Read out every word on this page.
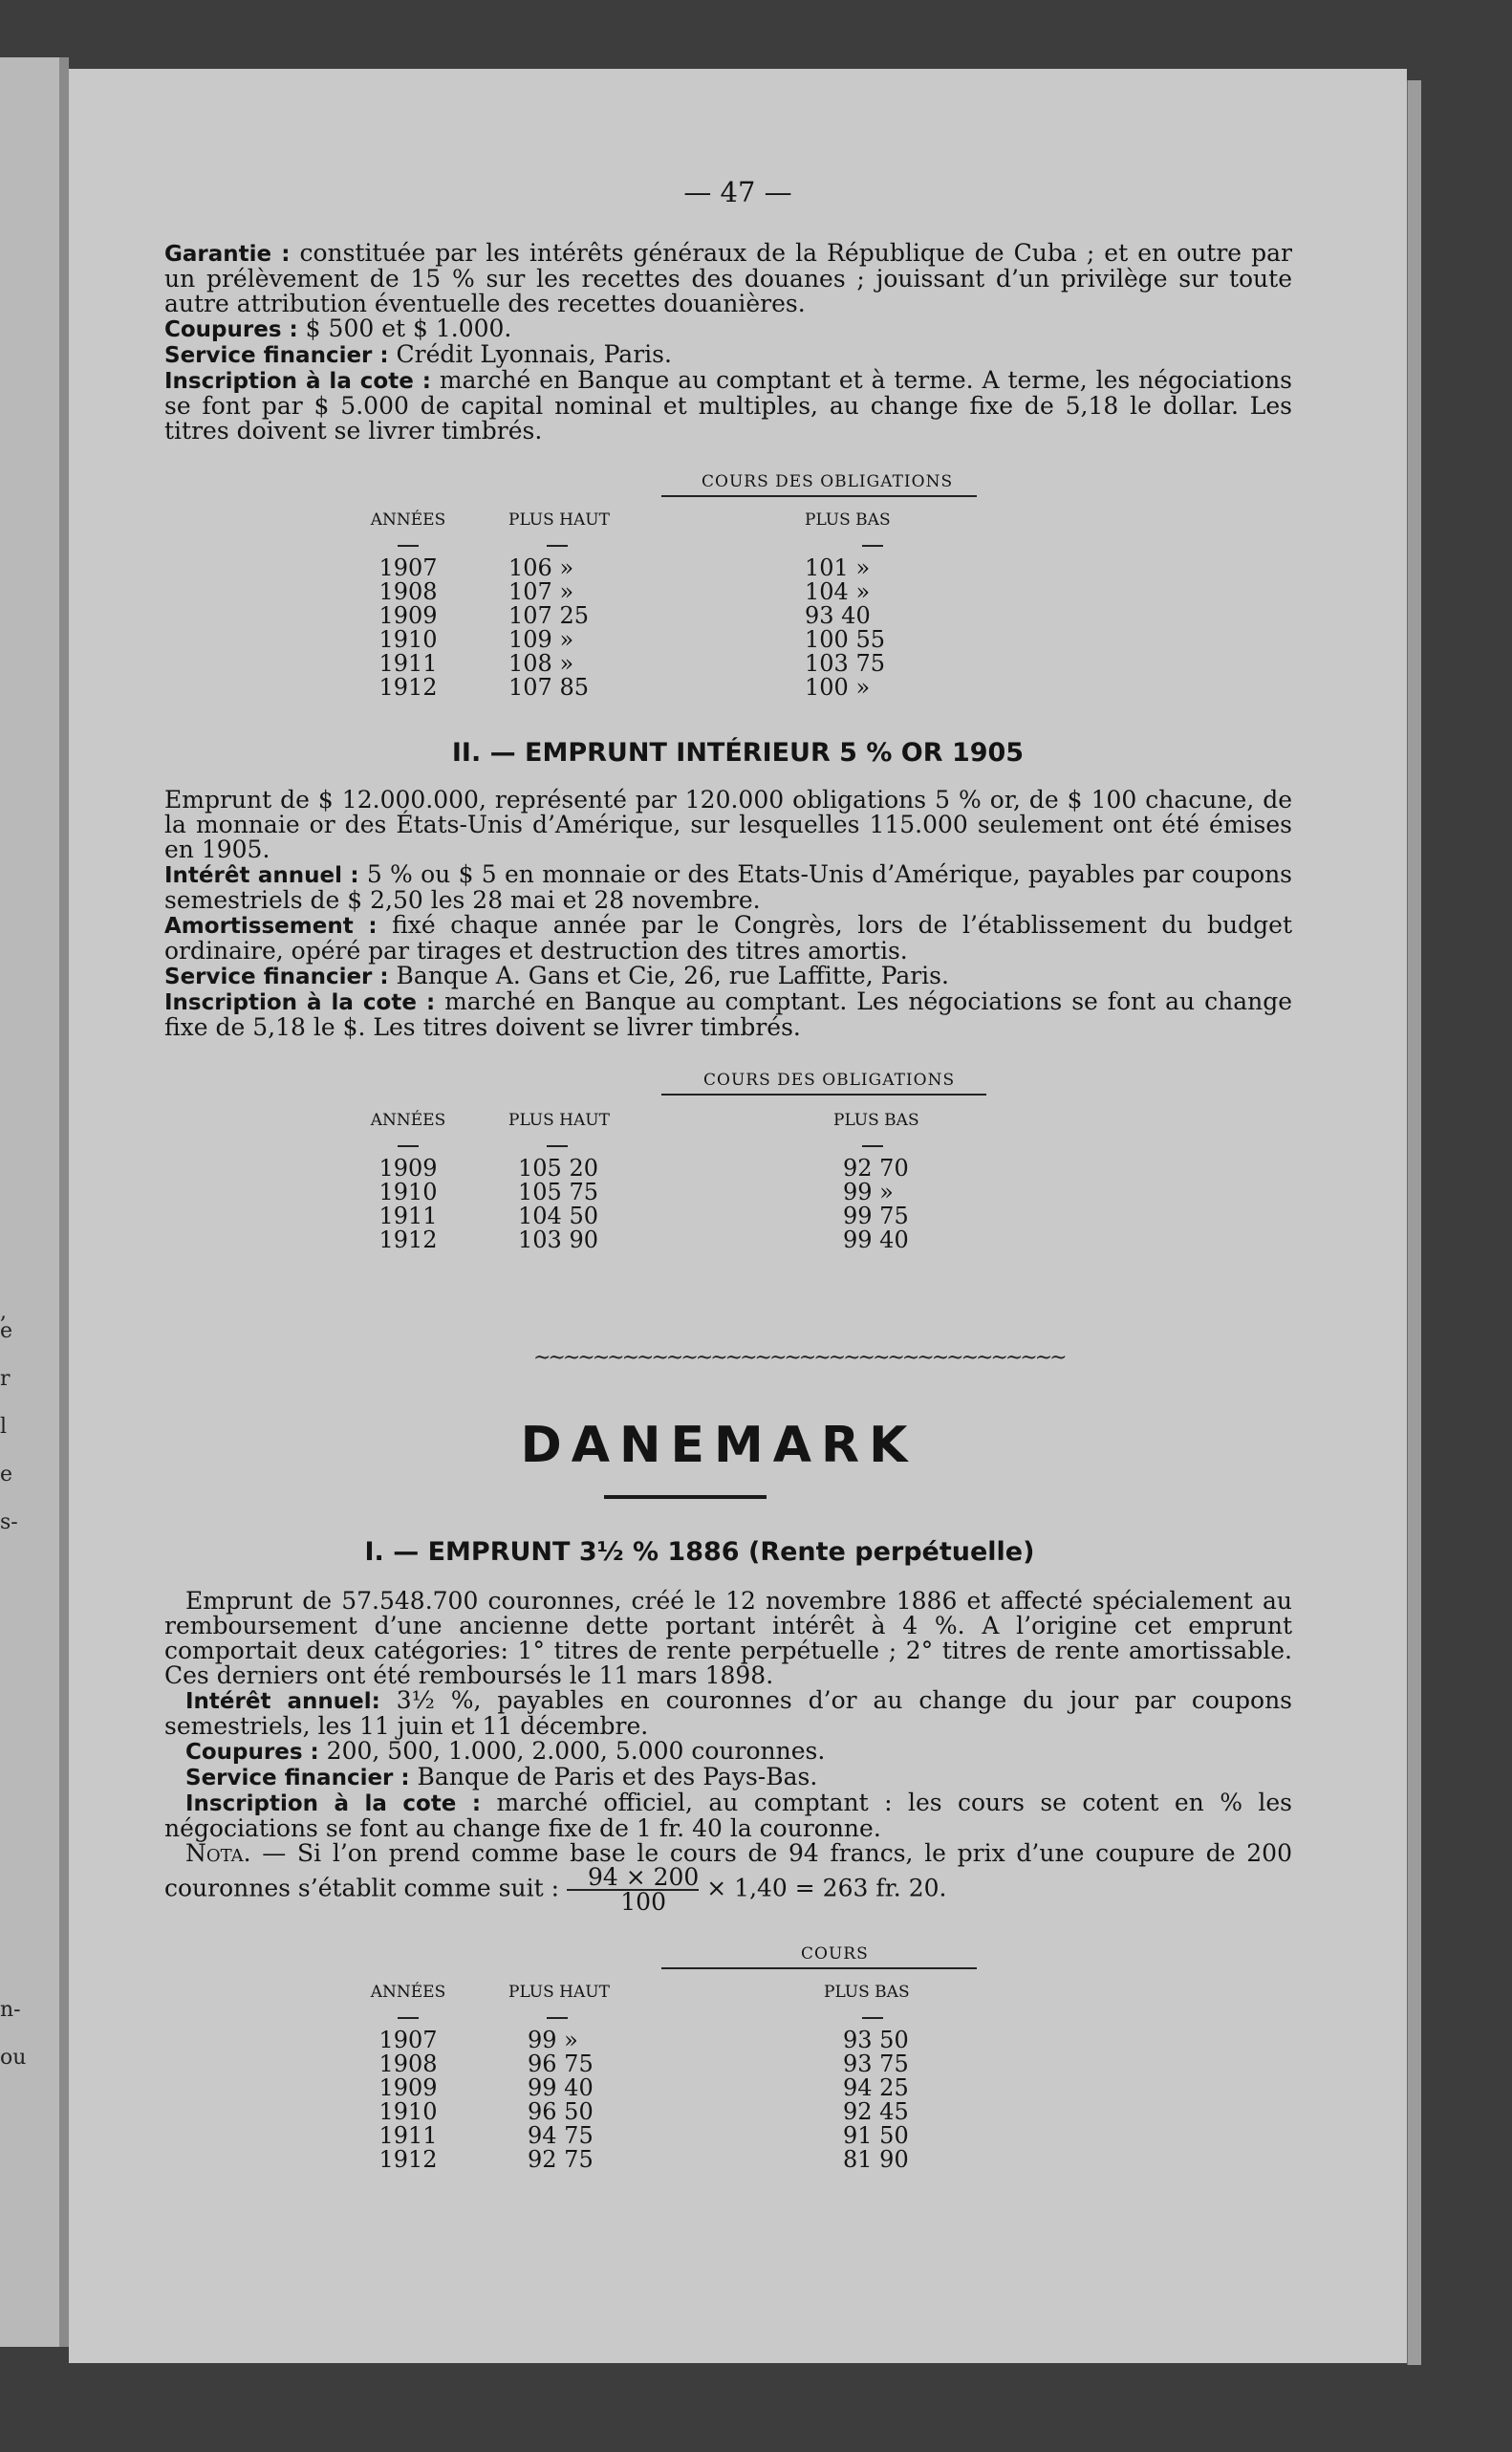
,
e
r
l
e
s-
n-
ou
— 47 —

Garantie : constituée par les intérêts généraux de la République de Cuba ; et en outre par un prélèvement de 15 % sur les recettes des douanes ; jouissant d’un privilège sur toute autre attribution éventuelle des recettes douanières.

Coupures : $ 500 et $ 1.000.

Service financier : Crédit Lyonnais, Paris.

Inscription à la cote : marché en Banque au comptant et à terme. A terme, les négociations se font par $ 5.000 de capital nominal et multiples, au change fixe de 5,18 le dollar. Les titres doivent se livrer timbrés.

COURS DES OBLIGATIONS
ANNÉES	PLUS HAUT	PLUS BAS

1907	106 »	101 »
1908	107 »	104 »
1909	107 25	93 40
1910	109 »	100 55
1911	108 »	103 75
1912	107 85	100 »
II. — EMPRUNT INTÉRIEUR 5 % OR 1905

Emprunt de $ 12.000.000, représenté par 120.000 obligations 5 % or, de $ 100 chacune, de la monnaie or des États-Unis d’Amérique, sur lesquelles 115.000 seulement ont été émises en 1905.

Intérêt annuel : 5 % ou $ 5 en monnaie or des Etats-Unis d’Amérique, payables par coupons semestriels de $ 2,50 les 28 mai et 28 novembre.

Amortissement : fixé chaque année par le Congrès, lors de l’établissement du budget ordinaire, opéré par tirages et destruction des titres amortis.

Service financier : Banque A. Gans et Cie, 26, rue Laffitte, Paris.

Inscription à la cote : marché en Banque au comptant. Les négociations se font au change fixe de 5,18 le $. Les titres doivent se livrer timbrés.

COURS DES OBLIGATIONS
ANNÉES	PLUS HAUT	PLUS BAS

1909	105 20	92 70
1910	105 75	99 »
1911	104 50	99 75
1912	103 90	99 40
~~~~~~~~~~~~~~~~~~~~~~~~~~~~~~~~~~~~
DANEMARK
I. — EMPRUNT 3½ % 1886 (Rente perpétuelle)

Emprunt de 57.548.700 couronnes, créé le 12 novembre 1886 et affecté spécialement au remboursement d’une ancienne dette portant intérêt à 4 %. A l’origine cet emprunt comportait deux catégories: 1° titres de rente perpétuelle ; 2° titres de rente amortissable. Ces derniers ont été remboursés le 11 mars 1898.

Intérêt annuel: 3½ %, payables en couronnes d’or au change du jour par coupons semestriels, les 11 juin et 11 décembre.

Coupures : 200, 500, 1.000, 2.000, 5.000 couronnes.

Service financier : Banque de Paris et des Pays-Bas.

Inscription à la cote : marché officiel, au comptant : les cours se cotent en % les négociations se font au change fixe de 1 fr. 40 la couronne.

Nota. — Si l’on prend comme base le cours de 94 francs, le prix d’une coupure de 200 couronnes s’établit comme suit : $\frac{94 \times 200}{100} \times 1,40 = 263$ fr. 20.

COURS
ANNÉES	PLUS HAUT	PLUS BAS

1907	99 »	93 50
1908	96 75	93 75
1909	99 40	94 25
1910	96 50	92 45
1911	94 75	91 50
1912	92 75	81 90
